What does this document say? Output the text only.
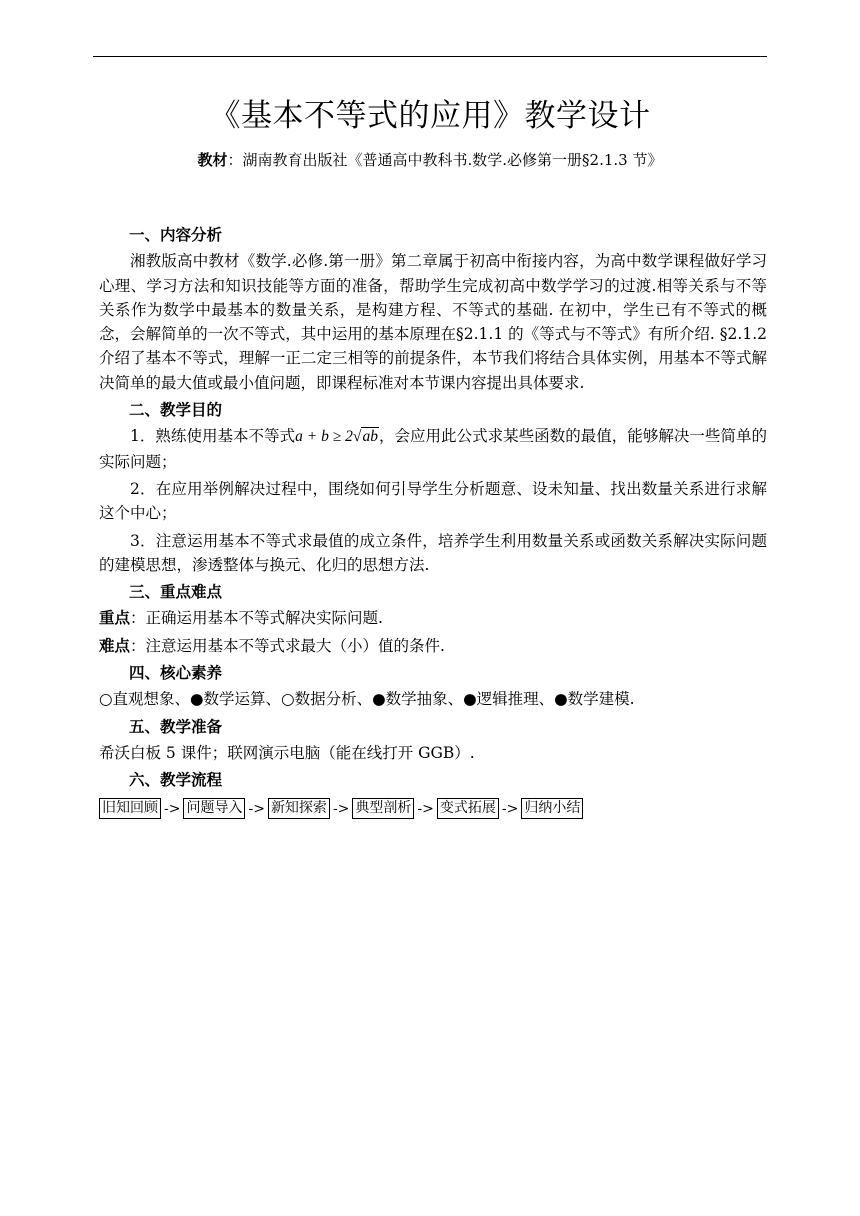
《基本不等式的应用》教学设计
教材：湖南教育出版社《普通高中教科书.数学.必修第一册§2.1.3 节》
一、内容分析
湘教版高中教材《数学.必修.第一册》第二章属于初高中衔接内容，为高中数学课程做好学习心理、学习方法和知识技能等方面的准备，帮助学生完成初高中数学学习的过渡.相等关系与不等关系作为数学中最基本的数量关系，是构建方程、不等式的基础. 在初中，学生已有不等式的概念，会解简单的一次不等式，其中运用的基本原理在§2.1.1 的《等式与不等式》有所介绍. §2.1.2 介绍了基本不等式，理解一正二定三相等的前提条件，本节我们将结合具体实例，用基本不等式解决简单的最大值或最小值问题，即课程标准对本节课内容提出具体要求.
二、教学目的
1．熟练使用基本不等式a + b ≥ 2√ab，会应用此公式求某些函数的最值，能够解决一些简单的实际问题；
2．在应用举例解决过程中，围绕如何引导学生分析题意、设未知量、找出数量关系进行求解这个中心；
3．注意运用基本不等式求最值的成立条件，培养学生利用数量关系或函数关系解决实际问题的建模思想，渗透整体与换元、化归的思想方法.
三、重点难点
重点：正确运用基本不等式解决实际问题.
难点：注意运用基本不等式求最大（小）值的条件.
四、核心素养
○直观想象、●数学运算、○数据分析、●数学抽象、●逻辑推理、●数学建模.
五、教学准备
希沃白板 5 课件；联网演示电脑（能在线打开 GGB）.
六、教学流程
旧知回顾 -> 问题导入 -> 新知探索 -> 典型剖析 -> 变式拓展 -> 归纳小结
